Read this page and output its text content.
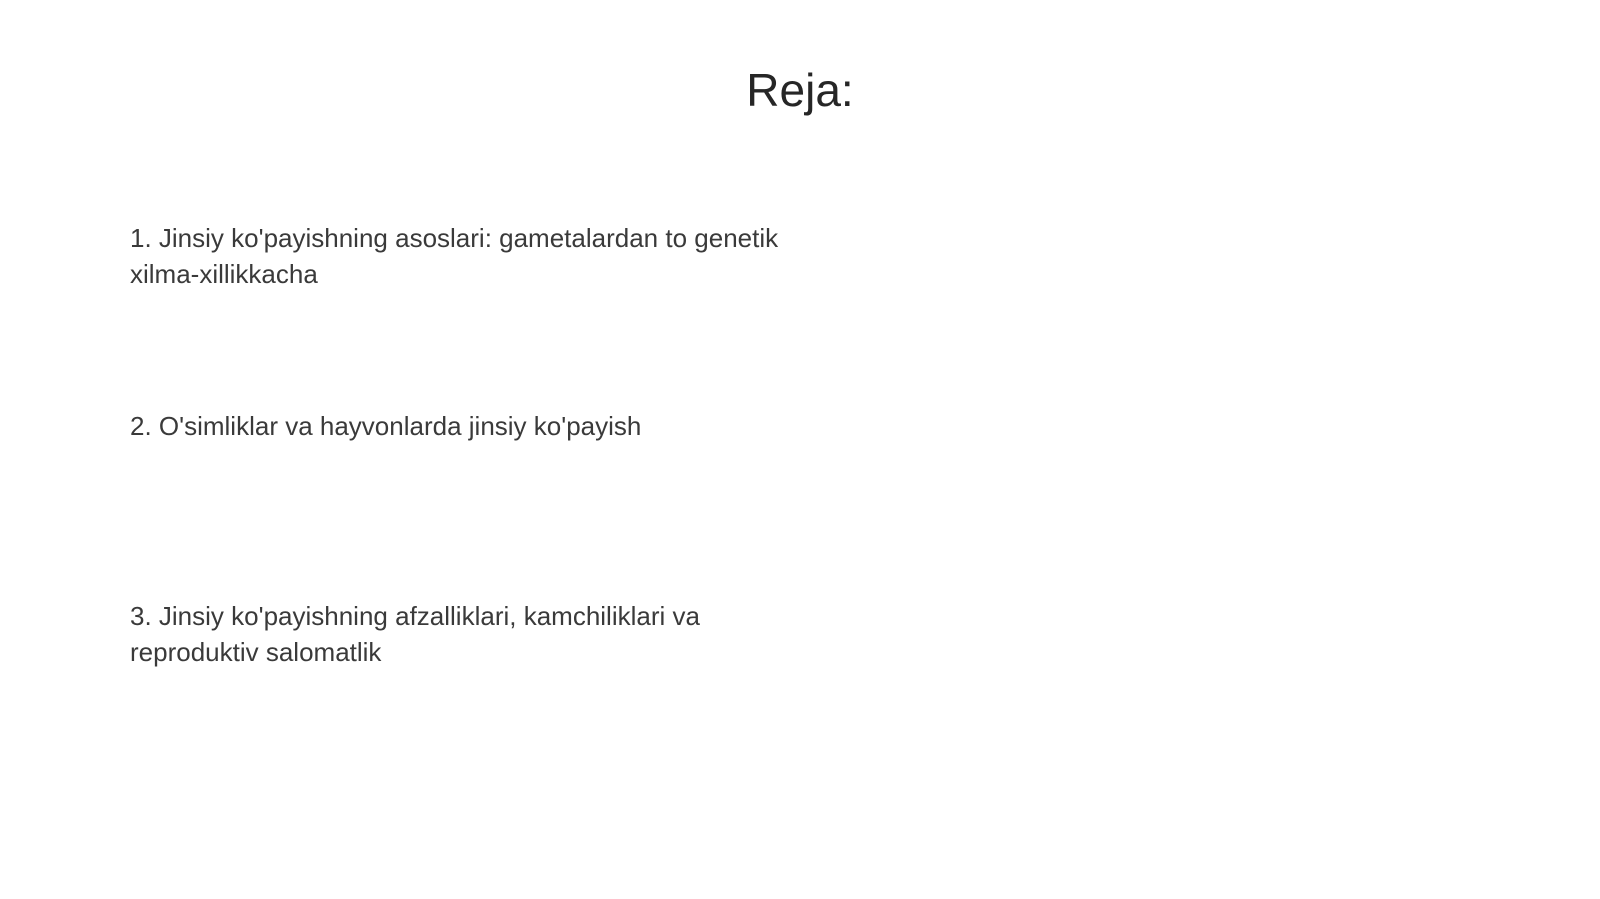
Reja:

1. Jinsiy ko'payishning asoslari: gametalardan to genetik xilma-xillikkacha

2. O'simliklar va hayvonlarda jinsiy ko'payish

3. Jinsiy ko'payishning afzalliklari, kamchiliklari va reproduktiv salomatlik
